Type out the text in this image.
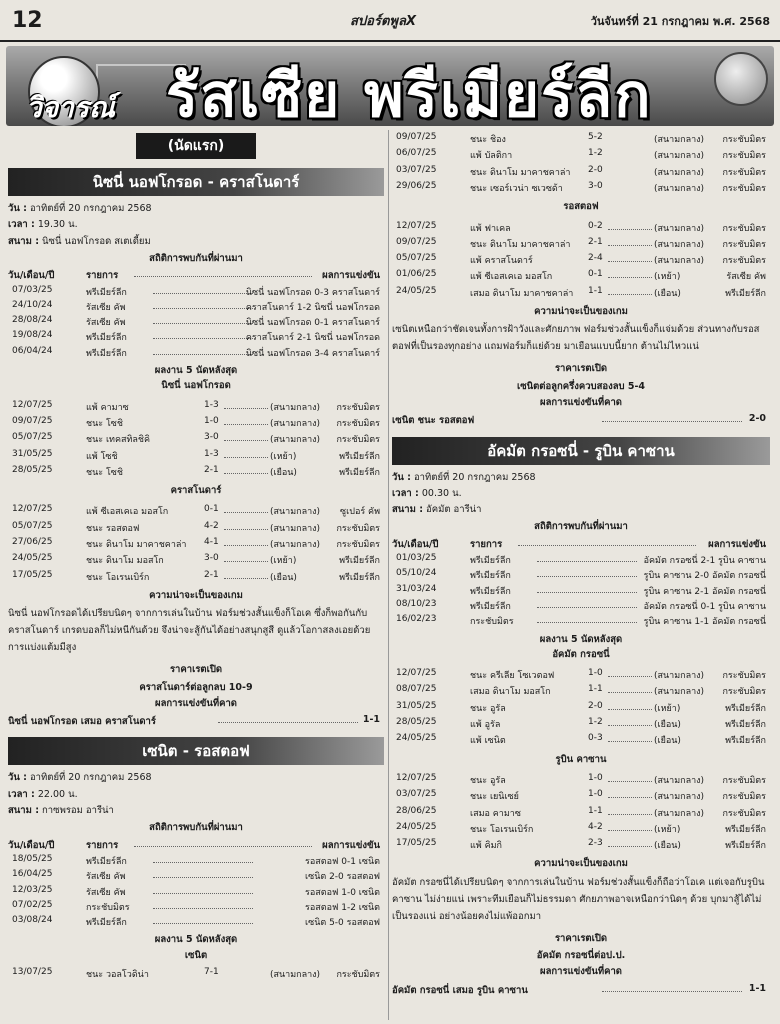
12	สปอร์ตพูลX	วันจันทร์ที่ 21 กรกฎาคม พ.ศ. 2568
วิจารณ์ รัสเซีย พรีเมียร์ลีก
(นัดแรก)
นิซนี่ นอฟโกรอด - คราสโนดาร์
วัน : อาทิตย์ที่ 20 กรกฎาคม 2568
เวลา : 19.30 น.
สนาม : นิซนี่ นอฟโกรอด สเตเดี้ยม
สถิติการพบกันที่ผ่านมา
วัน/เดือน/ปี	รายการ	ผลการแข่งขัน
07/03/25	พรีเมียร์ลีก	นิซนี่ นอฟโกรอด 0-3 คราสโนดาร์
24/10/24	รัสเซีย คัพ	คราสโนดาร์ 1-2 นิซนี่ นอฟโกรอด
28/08/24	รัสเซีย คัพ	นิซนี่ นอฟโกรอด 0-1 คราสโนดาร์
19/08/24	พรีเมียร์ลีก	คราสโนดาร์ 2-1 นิซนี่ นอฟโกรอด
06/04/24	พรีเมียร์ลีก	นิซนี่ นอฟโกรอด 3-4 คราสโนดาร์
ผลงาน 5 นัดหลังสุด
นิซนี่ นอฟโกรอด
12/07/25	แพ้ คามาซ	1-3	(สนามกลาง) กระชับมิตร
09/07/25	ชนะ โซชิ	1-0	(สนามกลาง) กระชับมิตร
05/07/25	ชนะ เทคสทิลชิคิ	3-0	(สนามกลาง) กระชับมิตร
31/05/25	แพ้ โซชิ	1-3	(เหย้า)	พรีเมียร์ลีก
28/05/25	ชนะ โซชิ	2-1	(เยือน)	พรีเมียร์ลีก
คราสโนดาร์
12/07/25	แพ้ ซีเอสเคเอ มอสโก	0-1	(สนามกลาง) ซูเปอร์ คัพ
05/07/25	ชนะ รอสตอฟ	4-2	(สนามกลาง) กระชับมิตร
27/06/25	ชนะ ดินาโม มาคาชคาล่า 4-1	(สนามกลาง) กระชับมิตร
24/05/25	ชนะ ดินาโม มอสโก	3-0	(เหย้า)	พรีเมียร์ลีก
17/05/25	ชนะ โอเรนเบิร์ก	2-1	(เยือน)	พรีเมียร์ลีก
ความน่าจะเป็นของเกม
นิซนี่ นอฟโกรอดได้เปรียบนิดๆ จากการเล่นในบ้าน ฟอร์มช่วงสั้นแข็งก็โอเค ซึ่งก็พอกันกับคราสโนดาร์ เกรดบอลก็ไม่หนีกันด้วย จึงน่าจะสู้กันได้อย่างสนุกสูสี ดูแล้วโอกาสลงเอยด้วยการแบ่งแต้มมีสูง
ราคาเรตเปิด
คราสโนดาร์ต่อลูกลบ 10-9
ผลการแข่งขันที่คาด
นิซนี่ นอฟโกรอด เสมอ คราสโนดาร์	1-1
เซนิต - รอสตอฟ
วัน : อาทิตย์ที่ 20 กรกฎาคม 2568
เวลา : 22.00 น.
สนาม : กาซพรอม อารีน่า
สถิติการพบกันที่ผ่านมา
วัน/เดือน/ปี	รายการ	ผลการแข่งขัน
18/05/25	พรีเมียร์ลีก	รอสตอฟ 0-1 เซนิต
16/04/25	รัสเซีย คัพ	เซนิต 2-0 รอสตอฟ
12/03/25	รัสเซีย คัพ	รอสตอฟ 1-0 เซนิต
07/02/25	กระชับมิตร	รอสตอฟ 1-2 เซนิต
03/08/24	พรีเมียร์ลีก	เซนิต 5-0 รอสตอฟ
ผลงาน 5 นัดหลังสุด
เซนิต
13/07/25	ชนะ วอลโวดิน่า	7-1	(สนามกลาง) กระชับมิตร
09/07/25	ชนะ ชิอง	5-2	(สนามกลาง) กระชับมิตร
06/07/25	แพ้ บัลติกา	1-2	(สนามกลาง) กระชับมิตร
03/07/25	ชนะ ดินาโม มาคาชคาล่า 2-0	(สนามกลาง) กระชับมิตร
29/06/25	ชนะ เซอร์เวน่า ซเวซด้า	3-0	(สนามกลาง) กระชับมิตร
รอสตอฟ
12/07/25	แพ้ ฟาเคล	0-2	(สนามกลาง) กระชับมิตร
09/07/25	ชนะ ดินาโม มาคาชคาล่า 2-1	(สนามกลาง) กระชับมิตร
05/07/25	แพ้ คราสโนดาร์	2-4	(สนามกลาง) กระชับมิตร
01/06/25	แพ้ ซีเอสเคเอ มอสโก	0-1	(เหย้า)	รัสเซีย คัพ
24/05/25	เสมอ ดินาโม มาคาชคาล่า 1-1	(เยือน)	พรีเมียร์ลีก
ความน่าจะเป็นของเกม
เซนิตเหนือกว่าชัดเจนทั้งการฝ้าวังและศักยภาพ ฟอร์มช่วงสั้นแข็งก็แจ่มด้วย ส่วนทางกับรอสตอฟที่เป็นรองทุกอย่าง แถมฟอร์มก็แย่ด้วย มาเยือนแบบนี้ยาก ต้านไม่ไหวแน่
ราคาเรตเปิด
เซนิตต่อลูกครึ่งควบสองลบ 5-4
ผลการแข่งขันที่คาด
เซนิต ชนะ รอสตอฟ	2-0
อัคมัต กรอซนี่ - รูบิน คาซาน
วัน : อาทิตย์ที่ 20 กรกฎาคม 2568
เวลา : 00.30 น.
สนาม : อัคมัต อารีน่า
สถิติการพบกันที่ผ่านมา
วัน/เดือน/ปี	รายการ	ผลการแข่งขัน
01/03/25	พรีเมียร์ลีก	อัคมัต กรอซนี่ 2-1 รูบิน คาซาน
05/10/24	พรีเมียร์ลีก	รูบิน คาซาน 2-0 อัคมัต กรอซนี่
31/03/24	พรีเมียร์ลีก	รูบิน คาซาน 2-1 อัคมัต กรอซนี่
08/10/23	พรีเมียร์ลีก	อัคมัต กรอซนี่ 0-1 รูบิน คาซาน
16/02/23	กระชับมิตร	รูบิน คาซาน 1-1 อัคมัต กรอซนี่
ผลงาน 5 นัดหลังสุด
อัคมัต กรอซนี่
12/07/25	ชนะ ครีเลีย โซเวตอฟ	1-0	(สนามกลาง) กระชับมิตร
08/07/25	เสมอ ดินาโม มอสโก	1-1	(สนามกลาง) กระชับมิตร
31/05/25	ชนะ อูรัล	2-0	(เหย้า)	พรีเมียร์ลีก
28/05/25	แพ้ อูรัล	1-2	(เยือน)	พรีเมียร์ลีก
24/05/25	แพ้ เซนิต	0-3	(เยือน)	พรีเมียร์ลีก
รูบิน คาซาน
12/07/25	ชนะ อูรัล	1-0	(สนามกลาง) กระชับมิตร
03/07/25	ชนะ เยนิเซย์	1-0	(สนามกลาง) กระชับมิตร
28/06/25	เสมอ คามาซ	1-1	(สนามกลาง) กระชับมิตร
24/05/25	ชนะ โอเรนเบิร์ก	4-2	(เหย้า)	พรีเมียร์ลีก
17/05/25	แพ้ คิมกิ	2-3	(เยือน)	พรีเมียร์ลีก
ความน่าจะเป็นของเกม
อัคมัต กรอซนี่ได้เปรียบนิดๆ จากการเล่นในบ้าน ฟอร์มช่วงสั้นแข็งก็ถือว่าโอเค แต่เจอกับรูบิน คาซาน ไม่ง่ายแน่ เพราะทีมเยือนก็ไม่ธรรมดา ศักยภาพอาจเหนือกว่านิดๆ ด้วย บุกมาสู้ได้ไม่เป็นรองแน่ อย่างน้อยคงไม่แพ้ออกมา
ราคาเรตเปิด
อัคมัต กรอซนี่ต่อป.ป.
ผลการแข่งขันที่คาด
อัคมัต กรอซนี่ เสมอ รูบิน คาซาน	1-1
